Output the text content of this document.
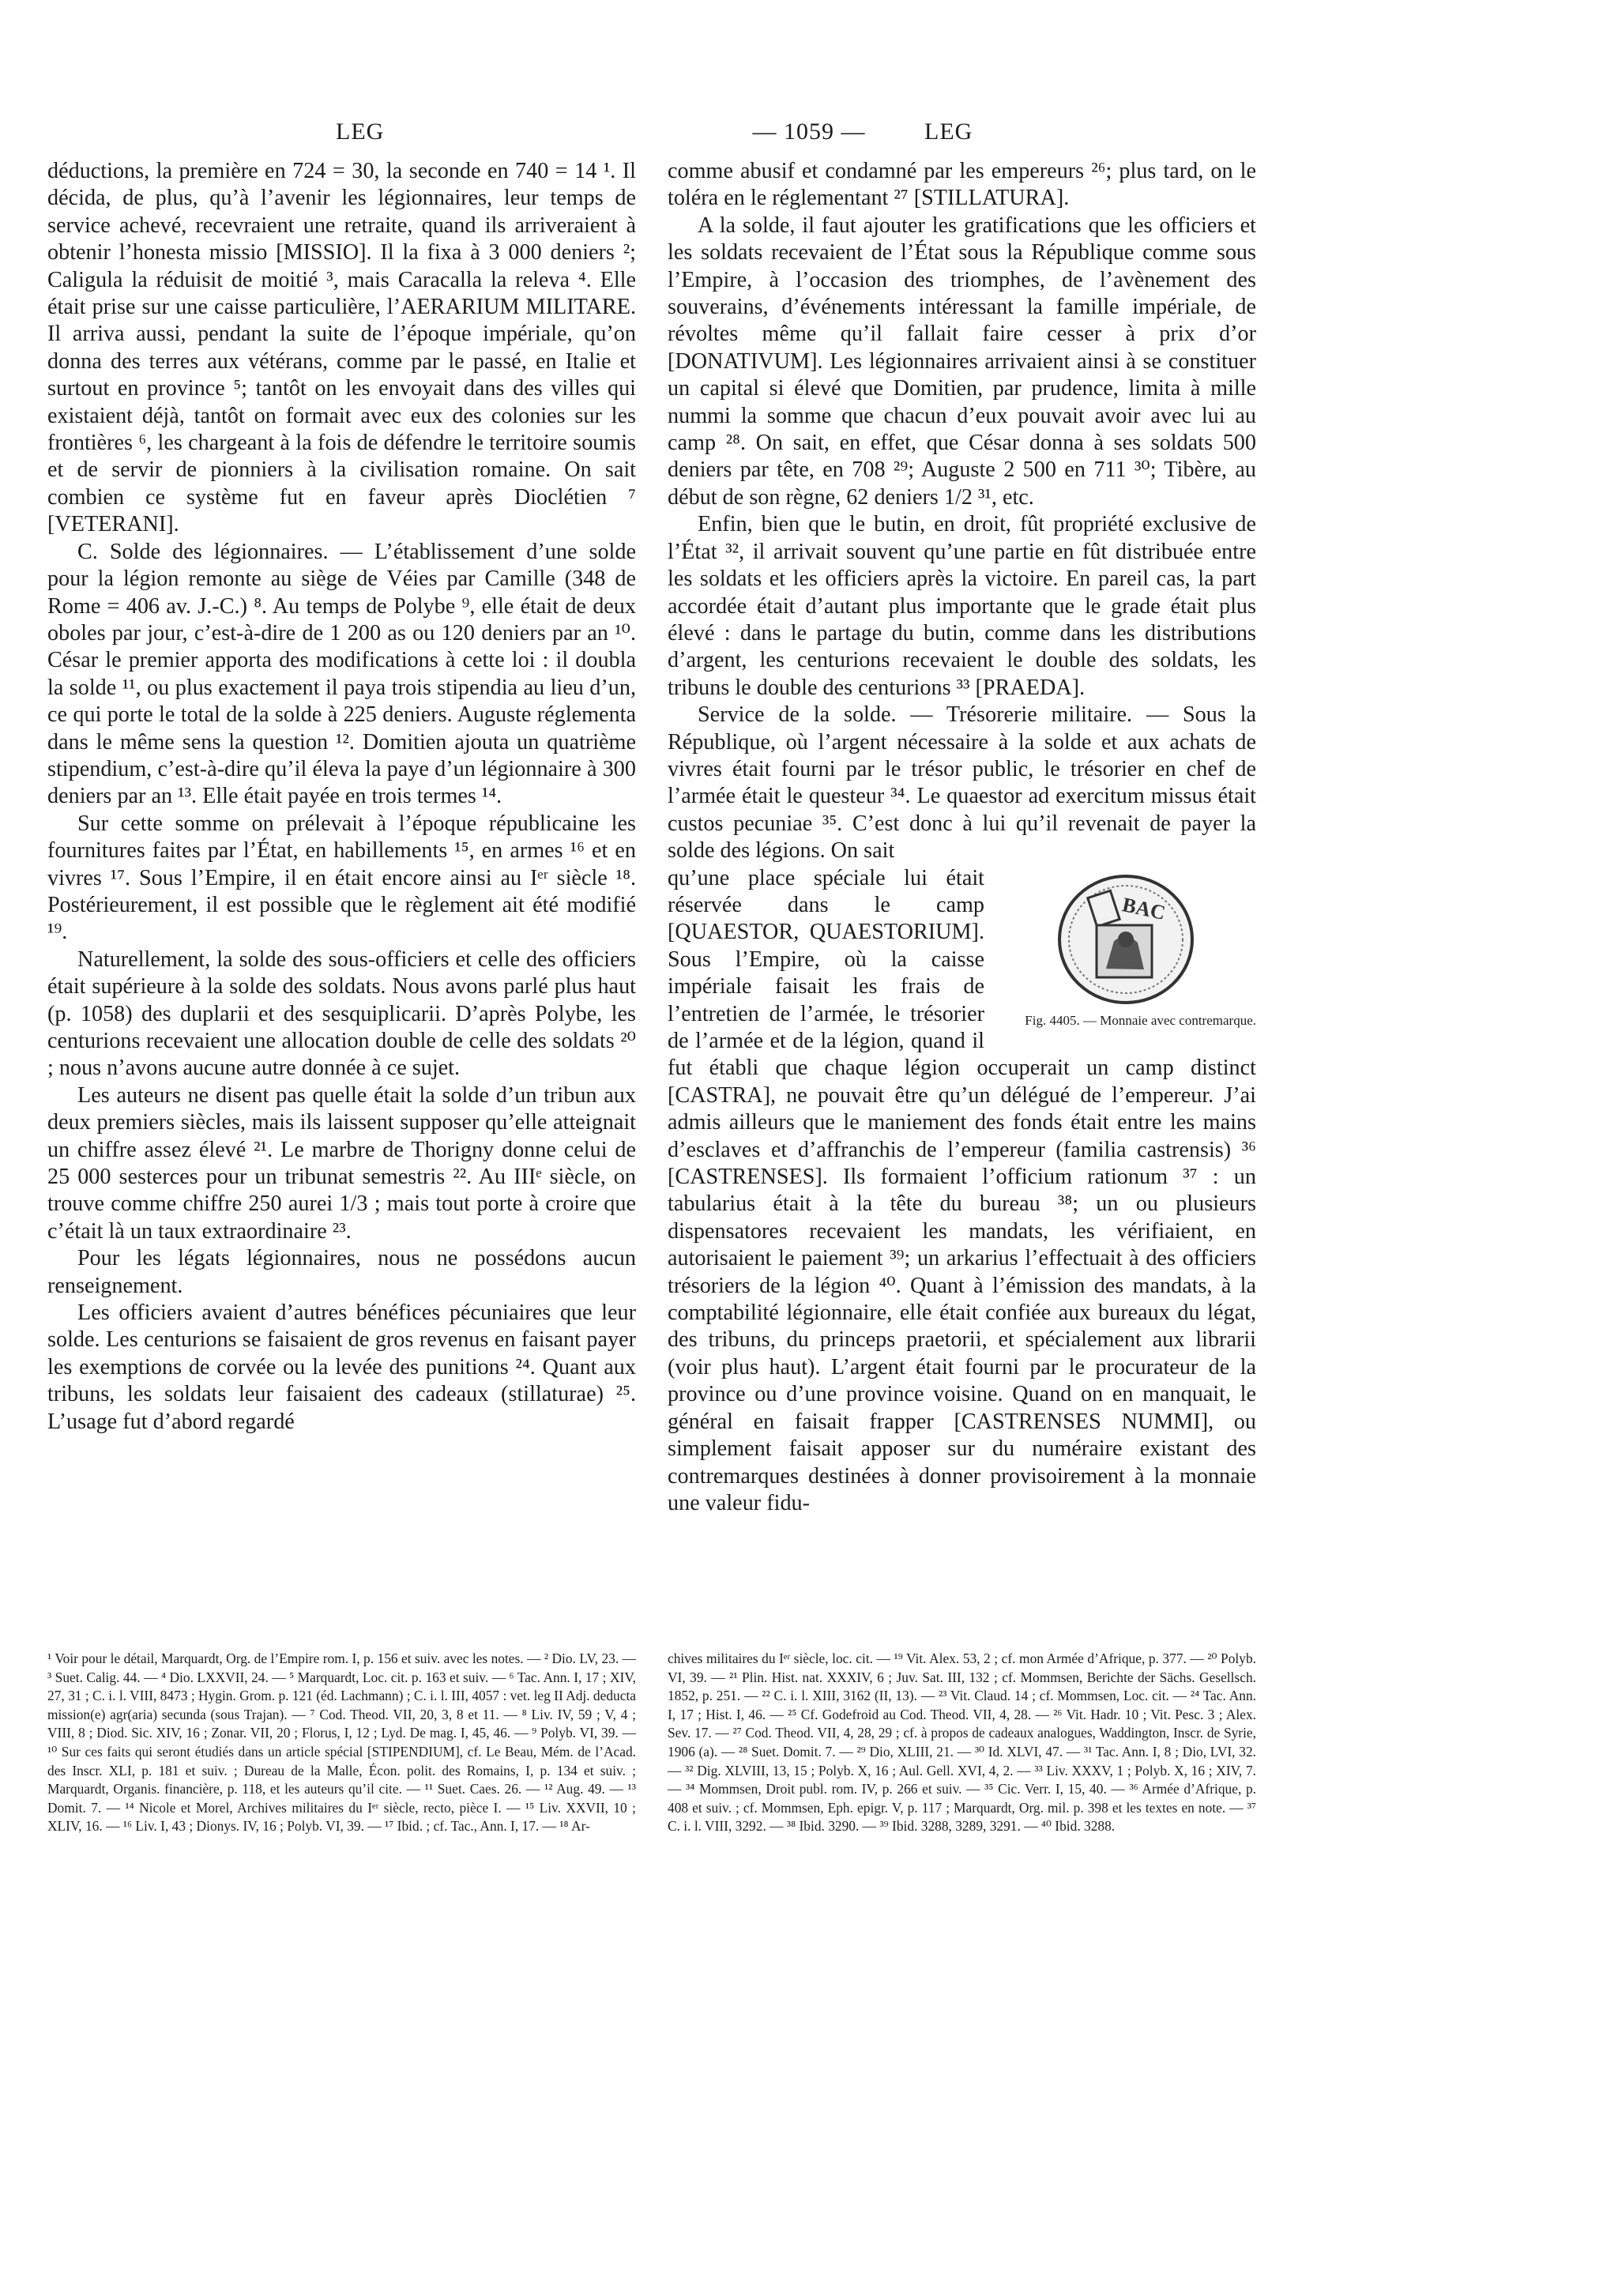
LEG	— 1059 —	LEG

déductions, la première en 724 = 30, la seconde en 740 = 14 ¹. Il décida, de plus, qu’à l’avenir les légionnaires, leur temps de service achevé, recevraient une retraite, quand ils arriveraient à obtenir l’honesta missio [MISSIO]. Il la fixa à 3 000 deniers ²; Caligula la réduisit de moitié ³, mais Caracalla la releva ⁴. Elle était prise sur une caisse particulière, l’AERARIUM MILITARE. Il arriva aussi, pendant la suite de l’époque impériale, qu’on donna des terres aux vétérans, comme par le passé, en Italie et surtout en province ⁵; tantôt on les envoyait dans des villes qui existaient déjà, tantôt on formait avec eux des colonies sur les frontières ⁶, les chargeant à la fois de défendre le territoire soumis et de servir de pionniers à la civilisation romaine. On sait combien ce système fut en faveur après Dioclétien ⁷ [VETERANI].

C. Solde des légionnaires. — L’établissement d’une solde pour la légion remonte au siège de Véies par Camille (348 de Rome = 406 av. J.-C.) ⁸. Au temps de Polybe ⁹, elle était de deux oboles par jour, c’est-à-dire de 1 200 as ou 120 deniers par an ¹⁰. César le premier apporta des modifications à cette loi : il doubla la solde ¹¹, ou plus exactement il paya trois stipendia au lieu d’un, ce qui porte le total de la solde à 225 deniers. Auguste réglementa dans le même sens la question ¹². Domitien ajouta un quatrième stipendium, c’est-à-dire qu’il éleva la paye d’un légionnaire à 300 deniers par an ¹³. Elle était payée en trois termes ¹⁴.

Sur cette somme on prélevait à l’époque républicaine les fournitures faites par l’État, en habillements ¹⁵, en armes ¹⁶ et en vivres ¹⁷. Sous l’Empire, il en était encore ainsi au Iᵉʳ siècle ¹⁸. Postérieurement, il est possible que le règlement ait été modifié ¹⁹.

Naturellement, la solde des sous-officiers et celle des officiers était supérieure à la solde des soldats. Nous avons parlé plus haut (p. 1058) des duplarii et des sesquiplicarii. D’après Polybe, les centurions recevaient une allocation double de celle des soldats ²⁰ ; nous n’avons aucune autre donnée à ce sujet.

Les auteurs ne disent pas quelle était la solde d’un tribun aux deux premiers siècles, mais ils laissent supposer qu’elle atteignait un chiffre assez élevé ²¹. Le marbre de Thorigny donne celui de 25 000 sesterces pour un tribunat semestris ²². Au IIIᵉ siècle, on trouve comme chiffre 250 aurei 1/3 ; mais tout porte à croire que c’était là un taux extraordinaire ²³.

Pour les légats légionnaires, nous ne possédons aucun renseignement.

Les officiers avaient d’autres bénéfices pécuniaires que leur solde. Les centurions se faisaient de gros revenus en faisant payer les exemptions de corvée ou la levée des punitions ²⁴. Quant aux tribuns, les soldats leur faisaient des cadeaux (stillaturae) ²⁵. L’usage fut d’abord regardé

comme abusif et condamné par les empereurs ²⁶; plus tard, on le toléra en le réglementant ²⁷ [STILLATURA].

A la solde, il faut ajouter les gratifications que les officiers et les soldats recevaient de l’État sous la République comme sous l’Empire, à l’occasion des triomphes, de l’avènement des souverains, d’événements intéressant la famille impériale, de révoltes même qu’il fallait faire cesser à prix d’or [DONATIVUM]. Les légionnaires arrivaient ainsi à se constituer un capital si élevé que Domitien, par prudence, limita à mille nummi la somme que chacun d’eux pouvait avoir avec lui au camp ²⁸. On sait, en effet, que César donna à ses soldats 500 deniers par tête, en 708 ²⁹; Auguste 2 500 en 711 ³⁰; Tibère, au début de son règne, 62 deniers 1/2 ³¹, etc.

Enfin, bien que le butin, en droit, fût propriété exclusive de l’État ³², il arrivait souvent qu’une partie en fût distribuée entre les soldats et les officiers après la victoire. En pareil cas, la part accordée était d’autant plus importante que le grade était plus élevé : dans le partage du butin, comme dans les distributions d’argent, les centurions recevaient le double des soldats, les tribuns le double des centurions ³³ [PRAEDA].

Service de la solde. — Trésorerie militaire. — Sous la République, où l’argent nécessaire à la solde et aux achats de vivres était fourni par le trésor public, le trésorier en chef de l’armée était le questeur ³⁴. Le quaestor ad exercitum missus était custos pecuniae ³⁵. C’est donc à lui qu’il revenait de payer la solde des légions. On sait

BAC
Fig. 4405. — Monnaie avec contremarque.

qu’une place spéciale lui était réservée dans le camp [QUAESTOR, QUAESTORIUM]. Sous l’Empire, où la caisse impériale faisait les frais de l’entretien de l’armée, le trésorier de l’armée et de la légion, quand il fut établi que chaque légion occuperait un camp distinct [CASTRA], ne pouvait être qu’un délégué de l’empereur. J’ai admis ailleurs que le maniement des fonds était entre les mains d’esclaves et d’affranchis de l’empereur (familia castrensis) ³⁶ [CASTRENSES]. Ils formaient l’officium rationum ³⁷ : un tabularius était à la tête du bureau ³⁸; un ou plusieurs dispensatores recevaient les mandats, les vérifiaient, en autorisaient le paiement ³⁹; un arkarius l’effectuait à des officiers trésoriers de la légion ⁴⁰. Quant à l’émission des mandats, à la comptabilité légionnaire, elle était confiée aux bureaux du légat, des tribuns, du princeps praetorii, et spécialement aux librarii (voir plus haut). L’argent était fourni par le procurateur de la province ou d’une province voisine. Quand on en manquait, le général en faisait frapper [CASTRENSES NUMMI], ou simplement faisait apposer sur du numéraire existant des contremarques destinées à donner provisoirement à la monnaie une valeur fidu-

¹ Voir pour le détail, Marquardt, Org. de l’Empire rom. I, p. 156 et suiv. avec les notes. — ² Dio. LV, 23. — ³ Suet. Calig. 44. — ⁴ Dio. LXXVII, 24. — ⁵ Marquardt, Loc. cit. p. 163 et suiv. — ⁶ Tac. Ann. I, 17 ; XIV, 27, 31 ; C. i. l. VIII, 8473 ; Hygin. Grom. p. 121 (éd. Lachmann) ; C. i. l. III, 4057 : vet. leg II Adj. deducta mission(e) agr(aria) secunda (sous Trajan). — ⁷ Cod. Theod. VII, 20, 3, 8 et 11. — ⁸ Liv. IV, 59 ; V, 4 ; VIII, 8 ; Diod. Sic. XIV, 16 ; Zonar. VII, 20 ; Florus, I, 12 ; Lyd. De mag. I, 45, 46. — ⁹ Polyb. VI, 39. — ¹⁰ Sur ces faits qui seront étudiés dans un article spécial [STIPENDIUM], cf. Le Beau, Mém. de l’Acad. des Inscr. XLI, p. 181 et suiv. ; Dureau de la Malle, Écon. polit. des Romains, I, p. 134 et suiv. ; Marquardt, Organis. financière, p. 118, et les auteurs qu’il cite. — ¹¹ Suet. Caes. 26. — ¹² Aug. 49. — ¹³ Domit. 7. — ¹⁴ Nicole et Morel, Archives militaires du Iᵉʳ siècle, recto, pièce I. — ¹⁵ Liv. XXVII, 10 ; XLIV, 16. — ¹⁶ Liv. I, 43 ; Dionys. IV, 16 ; Polyb. VI, 39. — ¹⁷ Ibid. ; cf. Tac., Ann. I, 17. — ¹⁸ Ar-

chives militaires du Iᵉʳ siècle, loc. cit. — ¹⁹ Vit. Alex. 53, 2 ; cf. mon Armée d’Afrique, p. 377. — ²⁰ Polyb. VI, 39. — ²¹ Plin. Hist. nat. XXXIV, 6 ; Juv. Sat. III, 132 ; cf. Mommsen, Berichte der Sächs. Gesellsch. 1852, p. 251. — ²² C. i. l. XIII, 3162 (II, 13). — ²³ Vit. Claud. 14 ; cf. Mommsen, Loc. cit. — ²⁴ Tac. Ann. I, 17 ; Hist. I, 46. — ²⁵ Cf. Godefroid au Cod. Theod. VII, 4, 28. — ²⁶ Vit. Hadr. 10 ; Vit. Pesc. 3 ; Alex. Sev. 17. — ²⁷ Cod. Theod. VII, 4, 28, 29 ; cf. à propos de cadeaux analogues, Waddington, Inscr. de Syrie, 1906 (a). — ²⁸ Suet. Domit. 7. — ²⁹ Dio, XLIII, 21. — ³⁰ Id. XLVI, 47. — ³¹ Tac. Ann. I, 8 ; Dio, LVI, 32. — ³² Dig. XLVIII, 13, 15 ; Polyb. X, 16 ; Aul. Gell. XVI, 4, 2. — ³³ Liv. XXXV, 1 ; Polyb. X, 16 ; XIV, 7. — ³⁴ Mommsen, Droit publ. rom. IV, p. 266 et suiv. — ³⁵ Cic. Verr. I, 15, 40. — ³⁶ Armée d’Afrique, p. 408 et suiv. ; cf. Mommsen, Eph. epigr. V, p. 117 ; Marquardt, Org. mil. p. 398 et les textes en note. — ³⁷ C. i. l. VIII, 3292. — ³⁸ Ibid. 3290. — ³⁹ Ibid. 3288, 3289, 3291. — ⁴⁰ Ibid. 3288.
